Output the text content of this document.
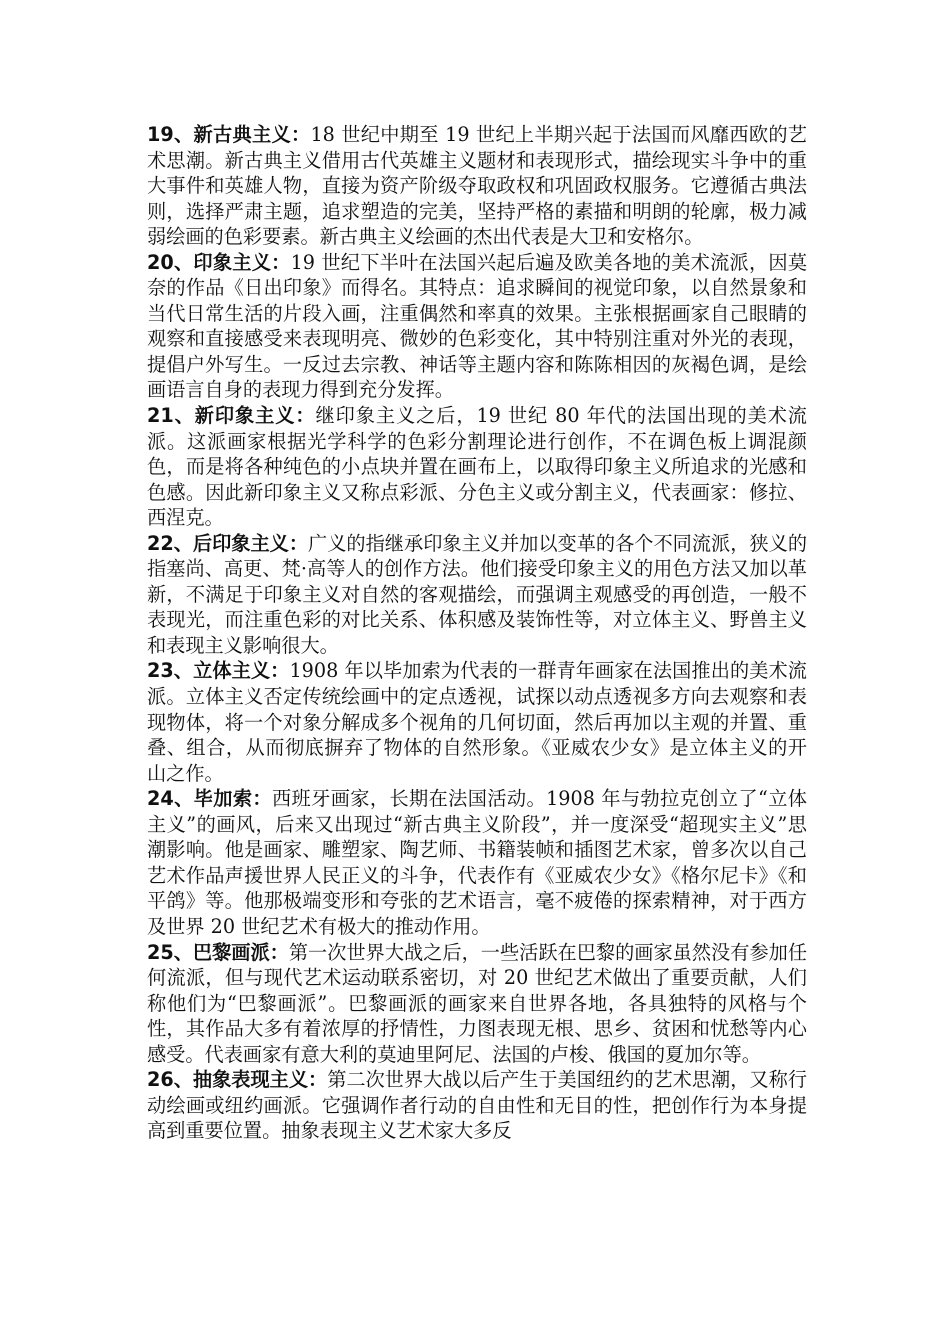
19、新古典主义：18 世纪中期至 19 世纪上半期兴起于法国而风靡西欧的艺术思潮。新古典主义借用古代英雄主义题材和表现形式，描绘现实斗争中的重大事件和英雄人物，直接为资产阶级夺取政权和巩固政权服务。它遵循古典法则，选择严肃主题，追求塑造的完美，坚持严格的素描和明朗的轮廓，极力减弱绘画的色彩要素。新古典主义绘画的杰出代表是大卫和安格尔。

20、印象主义：19 世纪下半叶在法国兴起后遍及欧美各地的美术流派，因莫奈的作品《日出印象》而得名。其特点：追求瞬间的视觉印象，以自然景象和当代日常生活的片段入画，注重偶然和率真的效果。主张根据画家自己眼睛的观察和直接感受来表现明亮、微妙的色彩变化，其中特别注重对外光的表现，提倡户外写生。一反过去宗教、神话等主题内容和陈陈相因的灰褐色调，是绘画语言自身的表现力得到充分发挥。

21、新印象主义：继印象主义之后，19 世纪 80 年代的法国出现的美术流派。这派画家根据光学科学的色彩分割理论进行创作，不在调色板上调混颜色，而是将各种纯色的小点块并置在画布上，以取得印象主义所追求的光感和色感。因此新印象主义又称点彩派、分色主义或分割主义，代表画家：修拉、西涅克。

22、后印象主义：广义的指继承印象主义并加以变革的各个不同流派，狭义的指塞尚、高更、梵·高等人的创作方法。他们接受印象主义的用色方法又加以革新，不满足于印象主义对自然的客观描绘，而强调主观感受的再创造，一般不表现光，而注重色彩的对比关系、体积感及装饰性等，对立体主义、野兽主义和表现主义影响很大。

23、立体主义：1908 年以毕加索为代表的一群青年画家在法国推出的美术流派。立体主义否定传统绘画中的定点透视，试探以动点透视多方向去观察和表现物体，将一个对象分解成多个视角的几何切面，然后再加以主观的并置、重叠、组合，从而彻底摒弃了物体的自然形象。《亚威农少女》是立体主义的开山之作。

24、毕加索：西班牙画家，长期在法国活动。1908 年与勃拉克创立了“立体主义”的画风，后来又出现过“新古典主义阶段”，并一度深受“超现实主义”思潮影响。他是画家、雕塑家、陶艺师、书籍装帧和插图艺术家，曾多次以自己艺术作品声援世界人民正义的斗争，代表作有《亚威农少女》《格尔尼卡》《和平鸽》等。他那极端变形和夸张的艺术语言，毫不疲倦的探索精神，对于西方及世界 20 世纪艺术有极大的推动作用。

25、巴黎画派：第一次世界大战之后，一些活跃在巴黎的画家虽然没有参加任何流派，但与现代艺术运动联系密切，对 20 世纪艺术做出了重要贡献，人们称他们为“巴黎画派”。巴黎画派的画家来自世界各地，各具独特的风格与个性，其作品大多有着浓厚的抒情性，力图表现无根、思乡、贫困和忧愁等内心感受。代表画家有意大利的莫迪里阿尼、法国的卢梭、俄国的夏加尔等。

26、抽象表现主义：第二次世界大战以后产生于美国纽约的艺术思潮，又称行动绘画或纽约画派。它强调作者行动的自由性和无目的性，把创作行为本身提高到重要位置。抽象表现主义艺术家大多反
